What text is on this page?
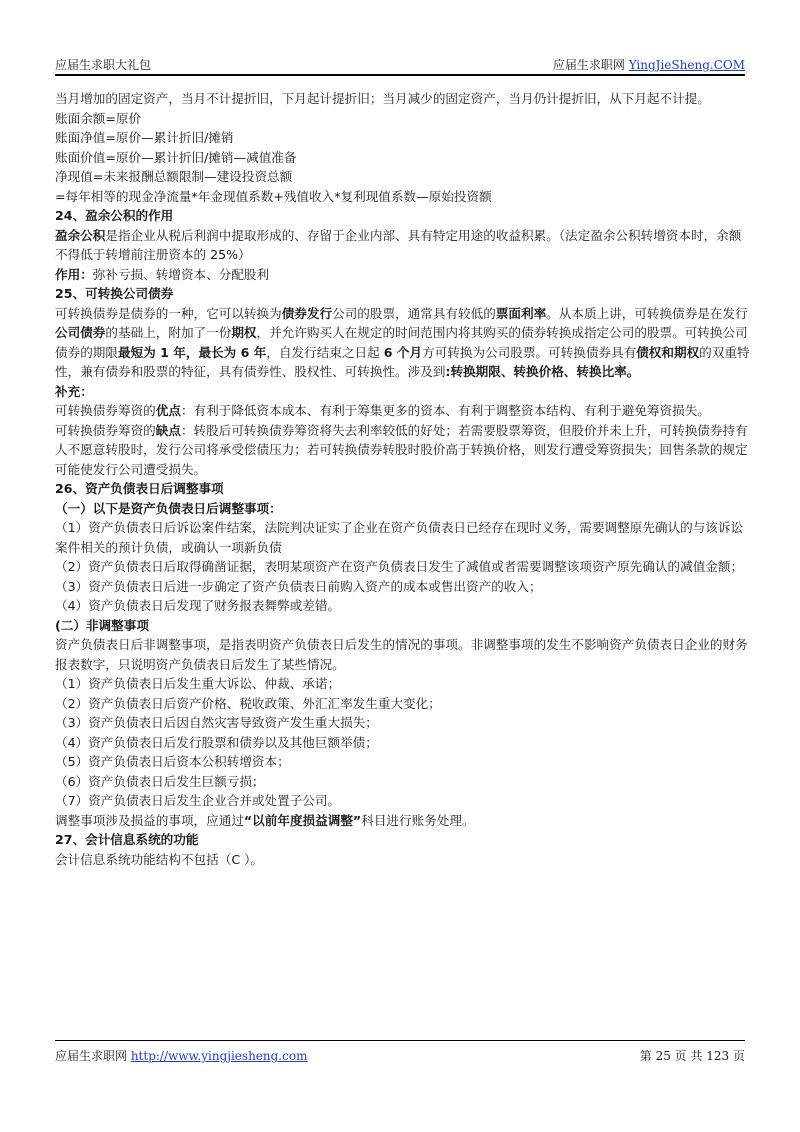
应届生求职大礼包	应届生求职网 YingJieSheng.COM

当月增加的固定资产，当月不计提折旧，下月起计提折旧；当月减少的固定资产，当月仍计提折旧，从下月起不计提。

账面余额=原价

账面净值=原价—累计折旧/摊销

账面价值=原价—累计折旧/摊销—减值准备

净现值=未来报酬总额限制—建设投资总额

=每年相等的现金净流量*年金现值系数+残值收入*复利现值系数—原始投资额

24、盈余公积的作用

盈余公积是指企业从税后利润中提取形成的、存留于企业内部、具有特定用途的收益积累。（法定盈余公积转增资本时，余额不得低于转增前注册资本的 25%）

作用：弥补亏损、转增资本、分配股利

25、可转换公司债券

可转换债券是债券的一种，它可以转换为债券发行公司的股票，通常具有较低的票面利率。从本质上讲，可转换债券是在发行公司债券的基础上，附加了一份期权，并允许购买人在规定的时间范围内将其购买的债券转换成指定公司的股票。可转换公司债券的期限最短为 1 年，最长为 6 年，自发行结束之日起 6 个月方可转换为公司股票。可转换债券具有债权和期权的双重特性，兼有债券和股票的特征，具有债券性、股权性、可转换性。涉及到:转换期限、转换价格、转换比率。

补充：

可转换债券筹资的优点：有利于降低资本成本、有利于筹集更多的资本、有利于调整资本结构、有利于避免筹资损失。

可转换债券筹资的缺点：转股后可转换债券筹资将失去利率较低的好处；若需要股票筹资，但股价并未上升，可转换债券持有人不愿意转股时，发行公司将承受偿债压力；若可转换债券转股时股价高于转换价格，则发行遭受筹资损失；回售条款的规定可能使发行公司遭受损失。

26、资产负债表日后调整事项

（一）以下是资产负债表日后调整事项：

（1）资产负债表日后诉讼案件结案，法院判决证实了企业在资产负债表日已经存在现时义务，需要调整原先确认的与该诉讼案件相关的预计负债，或确认一项新负债

（2）资产负债表日后取得确凿证据，表明某项资产在资产负债表日发生了减值或者需要调整该项资产原先确认的减值金额；

（3）资产负债表日后进一步确定了资产负债表日前购入资产的成本或售出资产的收入；

（4）资产负债表日后发现了财务报表舞弊或差错。

(二）非调整事项

资产负债表日后非调整事项，是指表明资产负债表日后发生的情况的事项。非调整事项的发生不影响资产负债表日企业的财务报表数字，只说明资产负债表日后发生了某些情况。

（1）资产负债表日后发生重大诉讼、仲裁、承诺；

（2）资产负债表日后资产价格、税收政策、外汇汇率发生重大变化；

（3）资产负债表日后因自然灾害导致资产发生重大损失；

（4）资产负债表日后发行股票和债券以及其他巨额举债；

（5）资产负债表日后资本公积转增资本；

（6）资产负债表日后发生巨额亏损；

（7）资产负债表日后发生企业合并或处置子公司。

调整事项涉及损益的事项，应通过“以前年度损益调整”科目进行账务处理。

27、会计信息系统的功能

会计信息系统功能结构不包括（C ）。

应届生求职网 http://www.yingjiesheng.com	第 25 页 共 123 页
